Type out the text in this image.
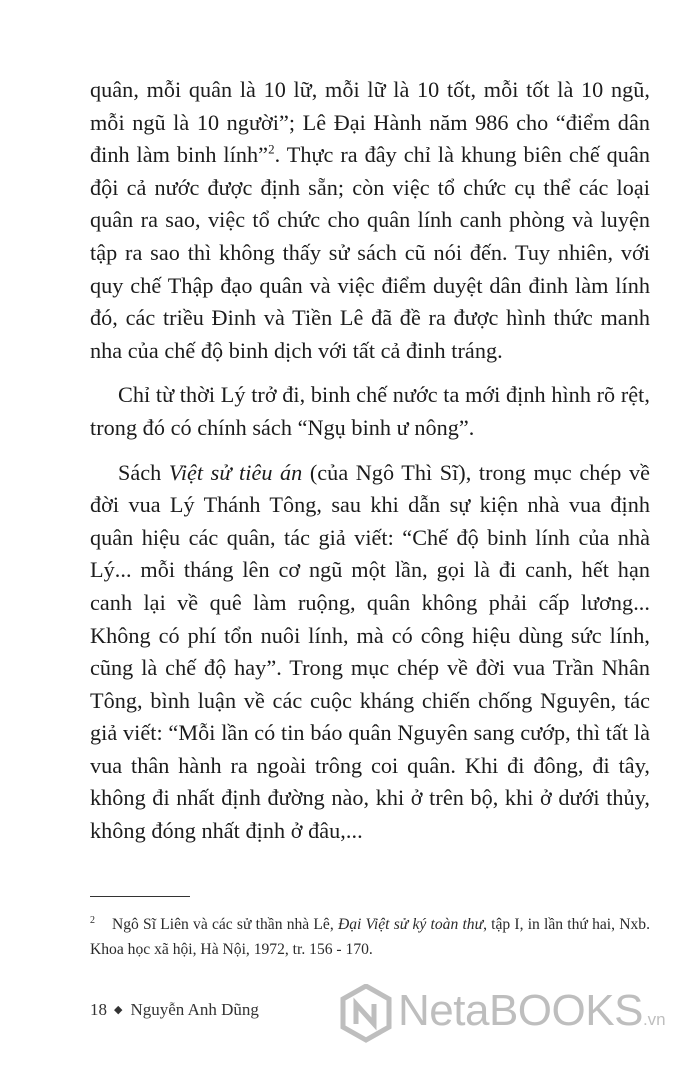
quân, mỗi quân là 10 lữ, mỗi lữ là 10 tốt, mỗi tốt là 10 ngũ, mỗi ngũ là 10 người”; Lê Đại Hành năm 986 cho “điểm dân đinh làm binh lính”$^2$. Thực ra đây chỉ là khung biên chế quân đội cả nước được định sẵn; còn việc tổ chức cụ thể các loại quân ra sao, việc tổ chức cho quân lính canh phòng và luyện tập ra sao thì không thấy sử sách cũ nói đến. Tuy nhiên, với quy chế Thập đạo quân và việc điểm duyệt dân đinh làm lính đó, các triều Đinh và Tiền Lê đã đề ra được hình thức manh nha của chế độ binh dịch với tất cả đinh tráng.

Chỉ từ thời Lý trở đi, binh chế nước ta mới định hình rõ rệt, trong đó có chính sách “Ngụ binh ư nông”.

Sách Việt sử tiêu án (của Ngô Thì Sĩ), trong mục chép về đời vua Lý Thánh Tông, sau khi dẫn sự kiện nhà vua định quân hiệu các quân, tác giả viết: “Chế độ binh lính của nhà Lý... mỗi tháng lên cơ ngũ một lần, gọi là đi canh, hết hạn canh lại về quê làm ruộng, quân không phải cấp lương... Không có phí tổn nuôi lính, mà có công hiệu dùng sức lính, cũng là chế độ hay”. Trong mục chép về đời vua Trần Nhân Tông, bình luận về các cuộc kháng chiến chống Nguyên, tác giả viết: “Mỗi lần có tin báo quân Nguyên sang cướp, thì tất là vua thân hành ra ngoài trông coi quân. Khi đi đông, đi tây, không đi nhất định đường nào, khi ở trên bộ, khi ở dưới thủy, không đóng nhất định ở đâu,...

2 Ngô Sĩ Liên và các sử thần nhà Lê, Đại Việt sử ký toàn thư, tập I, in lần thứ hai, Nxb. Khoa học xã hội, Hà Nội, 1972, tr. 156 - 170.
18 ◆ Nguyễn Anh Dũng	NetaBOOKS.vn
